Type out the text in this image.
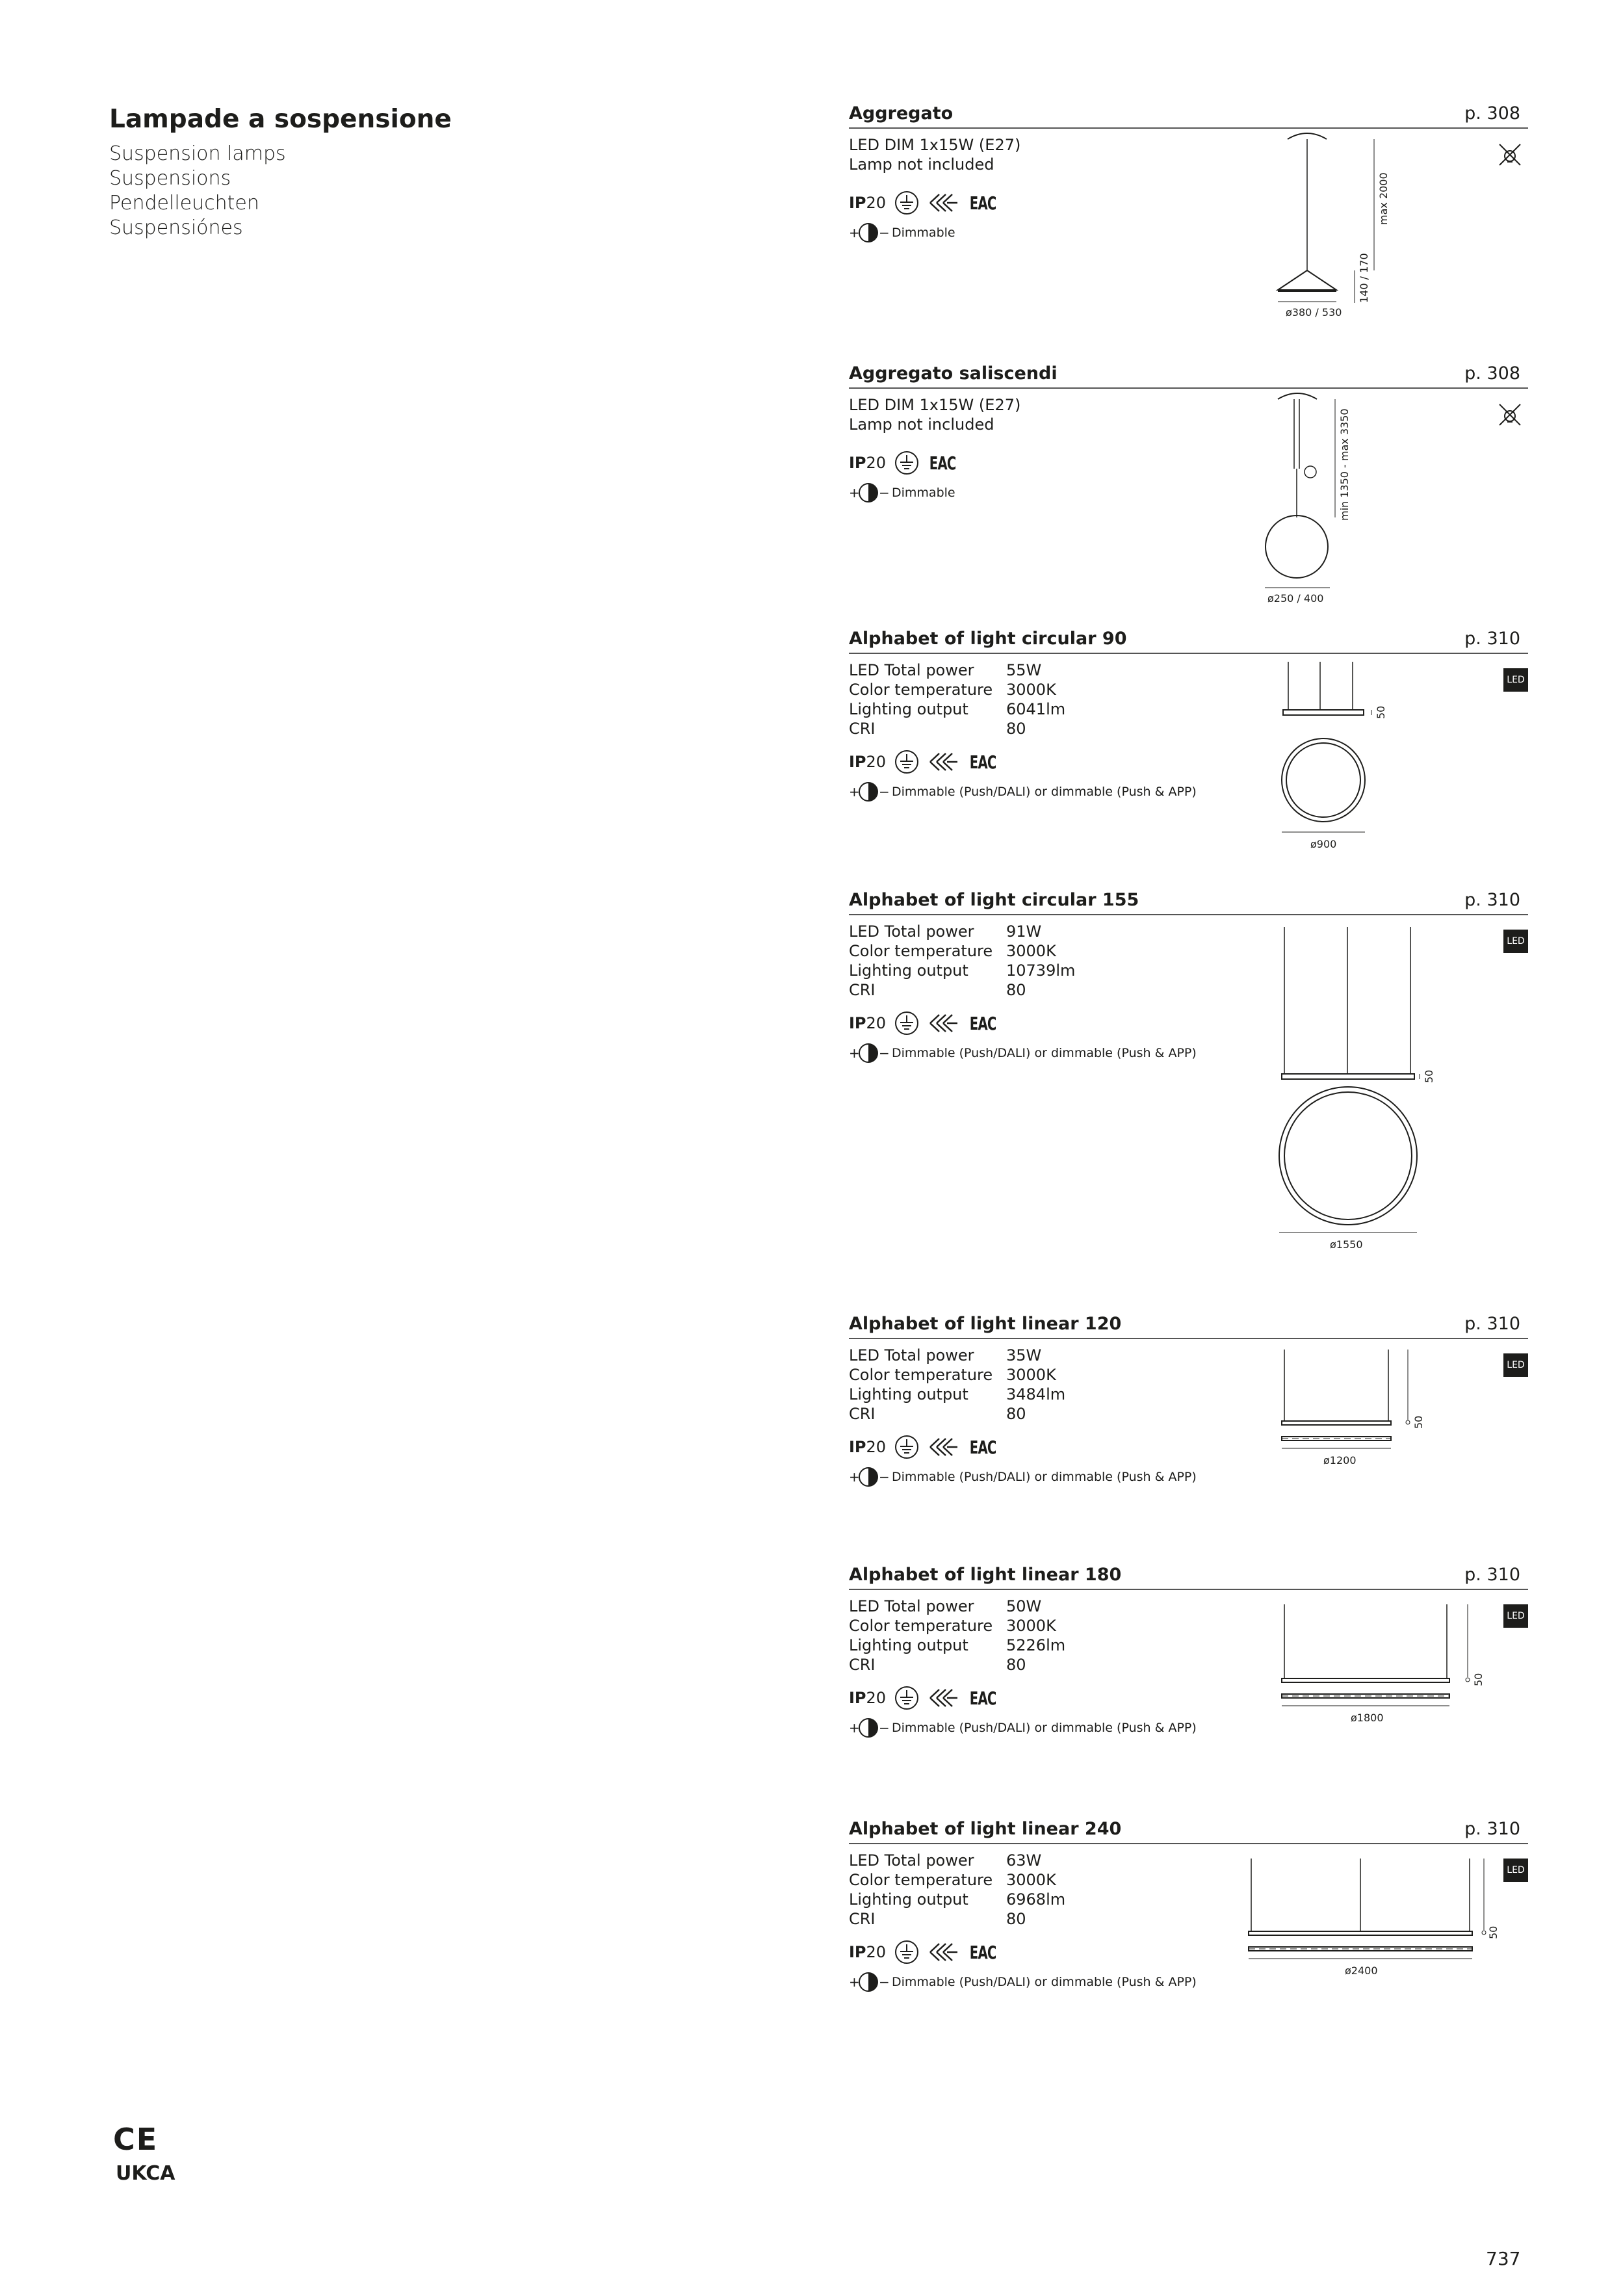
Lampade a sospensione
Suspension lamps
Suspensions
Pendelleuchten
Suspensiónes
Aggregato	p. 308
LED DIM 1x15W (E27)
Lamp not included
IP20	EAC
+ − Dimmable
ø380 / 530
140 / 170
max 2000
Aggregato saliscendi	p. 308
LED DIM 1x15W (E27)
Lamp not included
IP20 EAC
+ − Dimmable
ø250 / 400
min 1350 - max 3350
Alphabet of light circular 90	p. 310
LED Total power	55W
Color temperature 3000K
Lighting output	6041lm
CRI	80
IP20	EAC
+ − Dimmable (Push/DALI) or dimmable (Push & APP)
LED
50
ø900
Alphabet of light circular 155	p. 310
LED Total power	91W
Color temperature 3000K
Lighting output	10739lm
CRI	80
IP20	EAC
+ − Dimmable (Push/DALI) or dimmable (Push & APP)
LED
50
ø1550
Alphabet of light linear 120	p. 310
LED Total power	35W
Color temperature 3000K
Lighting output	3484lm
CRI	80
IP20	EAC
+ − Dimmable (Push/DALI) or dimmable (Push & APP)
LED
ø1200
50
Alphabet of light linear 180	p. 310
LED Total power	50W
Color temperature 3000K
Lighting output	5226lm
CRI	80
IP20	EAC
+ − Dimmable (Push/DALI) or dimmable (Push & APP)
LED
ø1800
50
Alphabet of light linear 240	p. 310
LED Total power	63W
Color temperature 3000K
Lighting output	6968lm
CRI	80
IP20	EAC
+ − Dimmable (Push/DALI) or dimmable (Push & APP)
LED
ø2400
50
CE
UKCA
737
